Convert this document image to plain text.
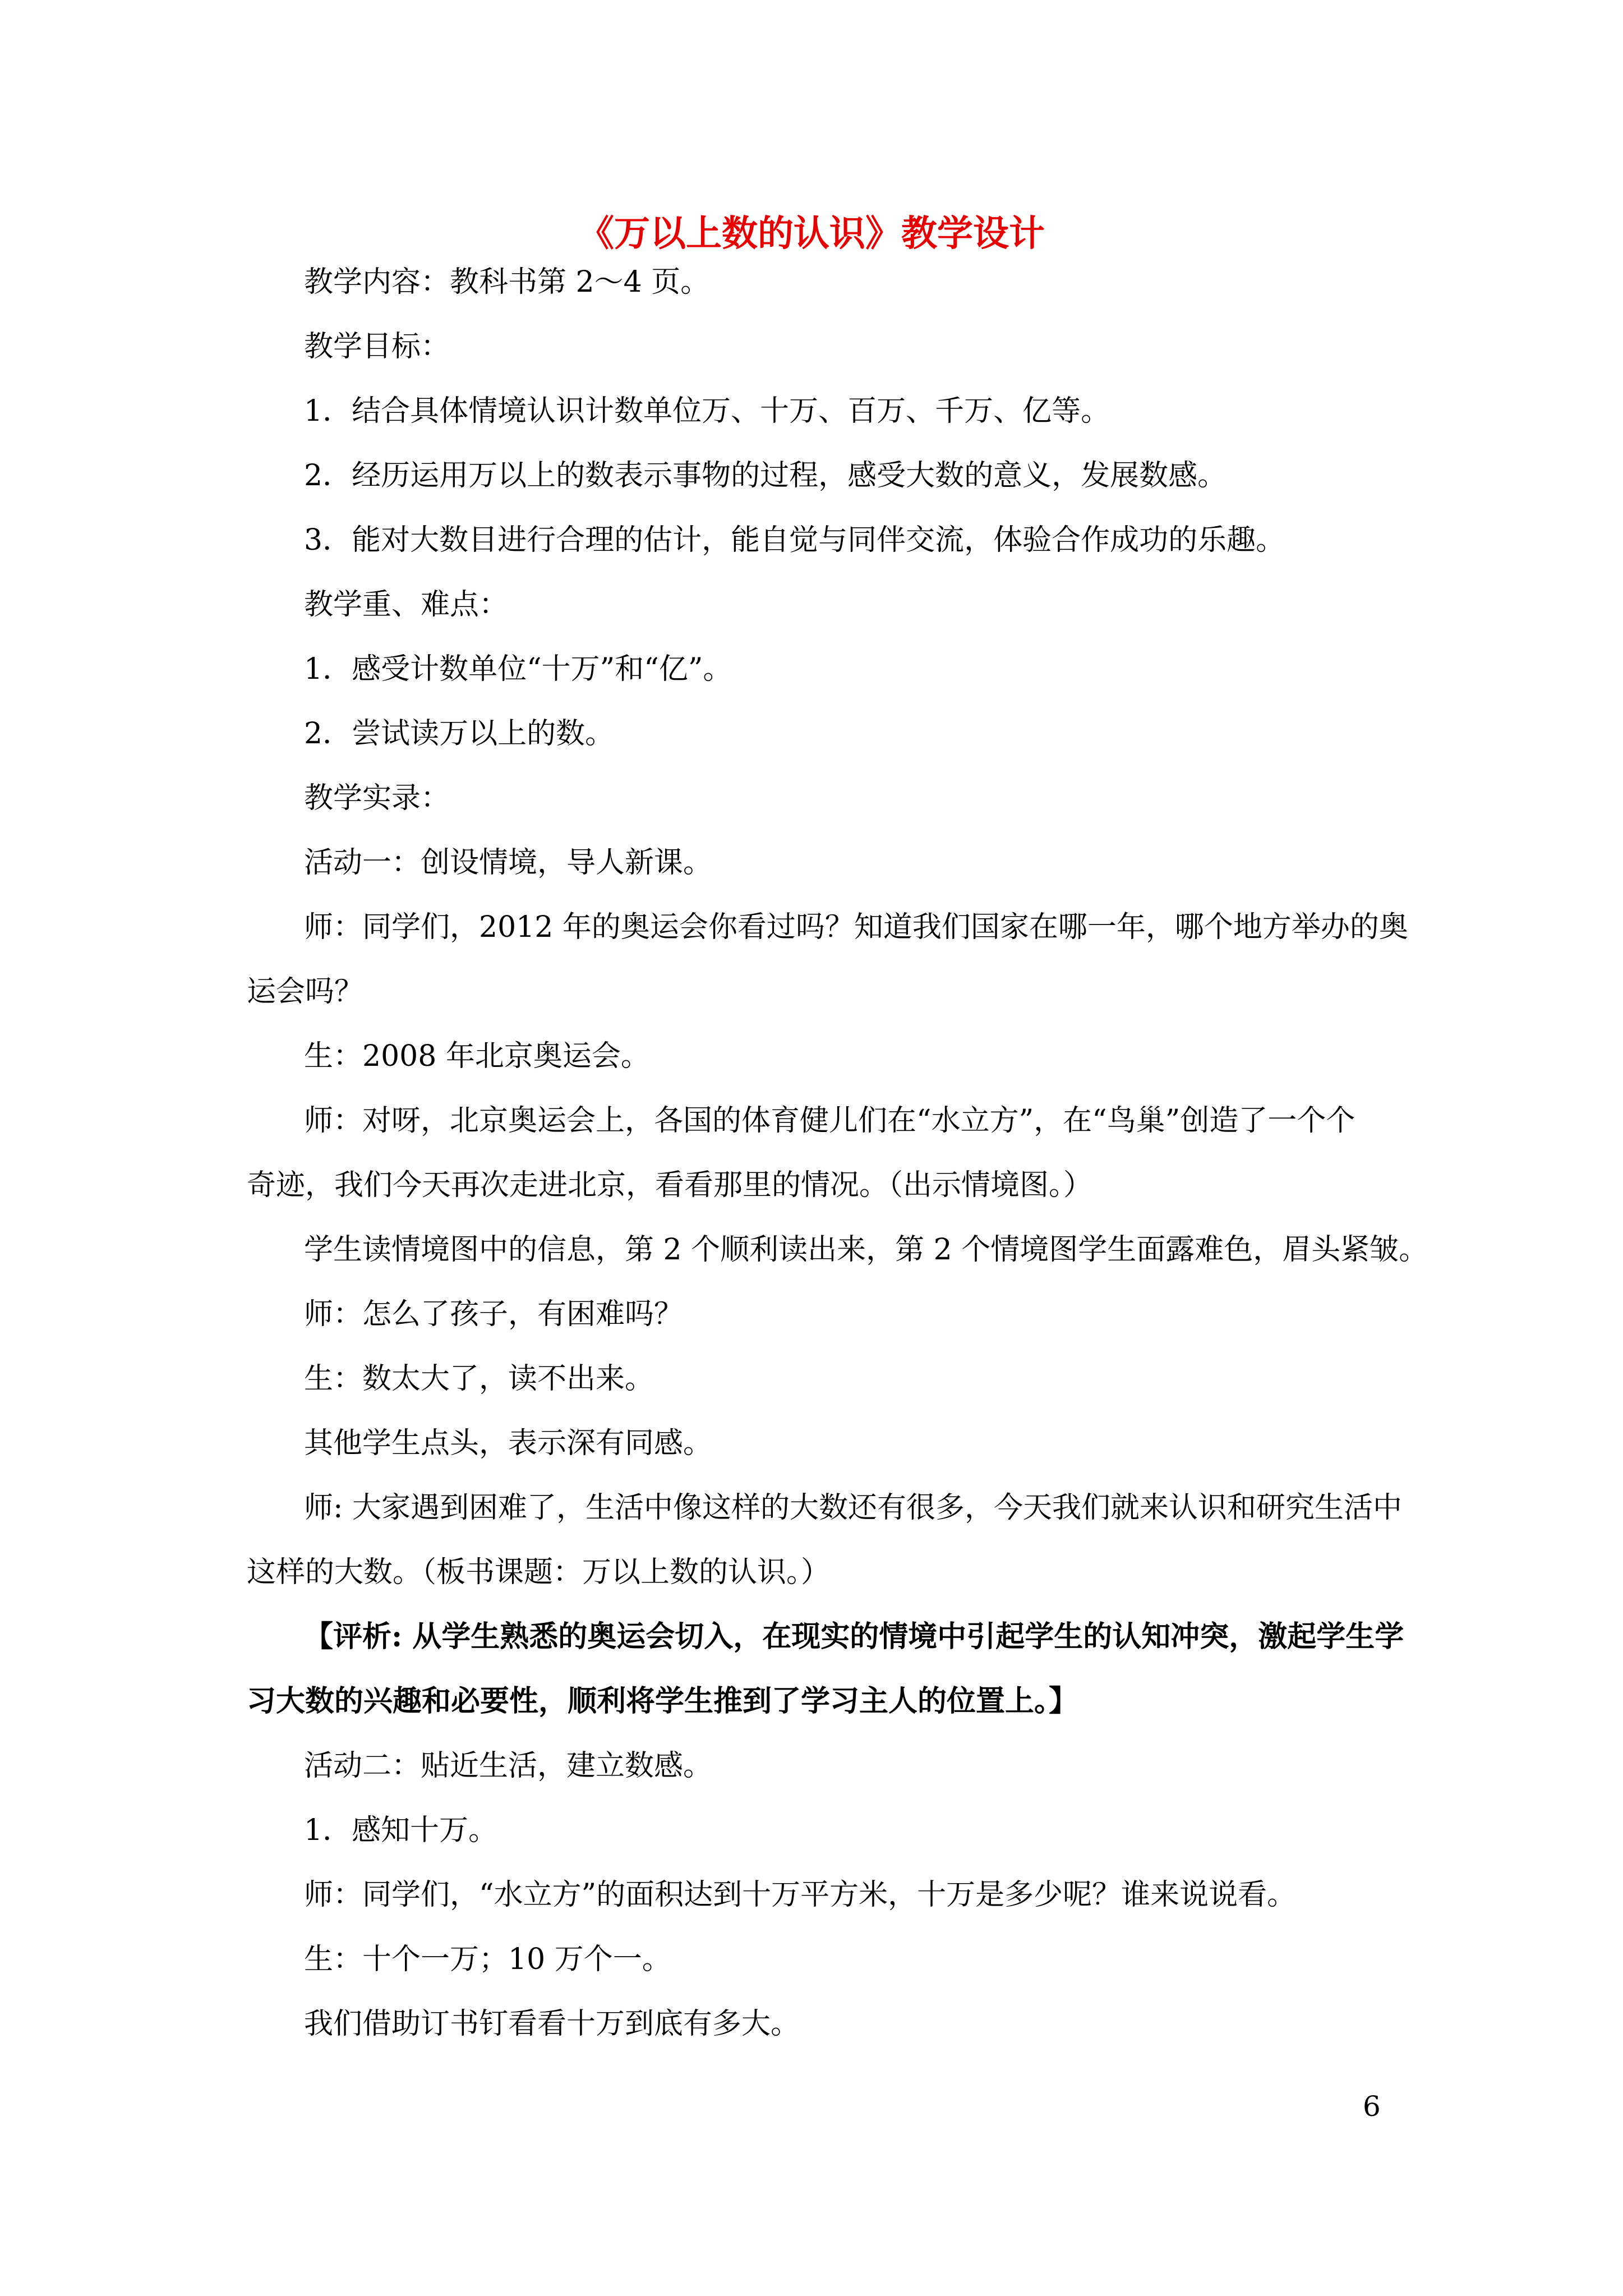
《万以上数的认识》教学设计
教学内容：教科书第 2～4 页。
教学目标：
1．结合具体情境认识计数单位万、十万、百万、千万、亿等。
2．经历运用万以上的数表示事物的过程，感受大数的意义，发展数感。
3．能对大数目进行合理的估计，能自觉与同伴交流，体验合作成功的乐趣。
教学重、难点：
1．感受计数单位“十万”和“亿”。
2．尝试读万以上的数。
教学实录：
活动一：创设情境，导人新课。
师：同学们，2012 年的奥运会你看过吗？知道我们国家在哪一年，哪个地方举办的奥
运会吗？
生：2008 年北京奥运会。
师：对呀，北京奥运会上，各国的体育健儿们在“水立方”，在“鸟巢”创造了一个个
奇迹，我们今天再次走进北京，看看那里的情况。（出示情境图。）
学生读情境图中的信息，第 2 个顺利读出来，第 2 个情境图学生面露难色，眉头紧皱。
师：怎么了孩子，有困难吗？
生：数太大了，读不出来。
其他学生点头，表示深有同感。
师: 大家遇到困难了，生活中像这样的大数还有很多，今天我们就来认识和研究生活中
这样的大数。（板书课题：万以上数的认识。）
【评析: 从学生熟悉的奥运会切入，在现实的情境中引起学生的认知冲突，激起学生学
习大数的兴趣和必要性，顺利将学生推到了学习主人的位置上。】
活动二：贴近生活，建立数感。
1．感知十万。
师：同学们，“水立方”的面积达到十万平方米，十万是多少呢？谁来说说看。
生：十个一万；10 万个一。
我们借助订书钉看看十万到底有多大。
6
